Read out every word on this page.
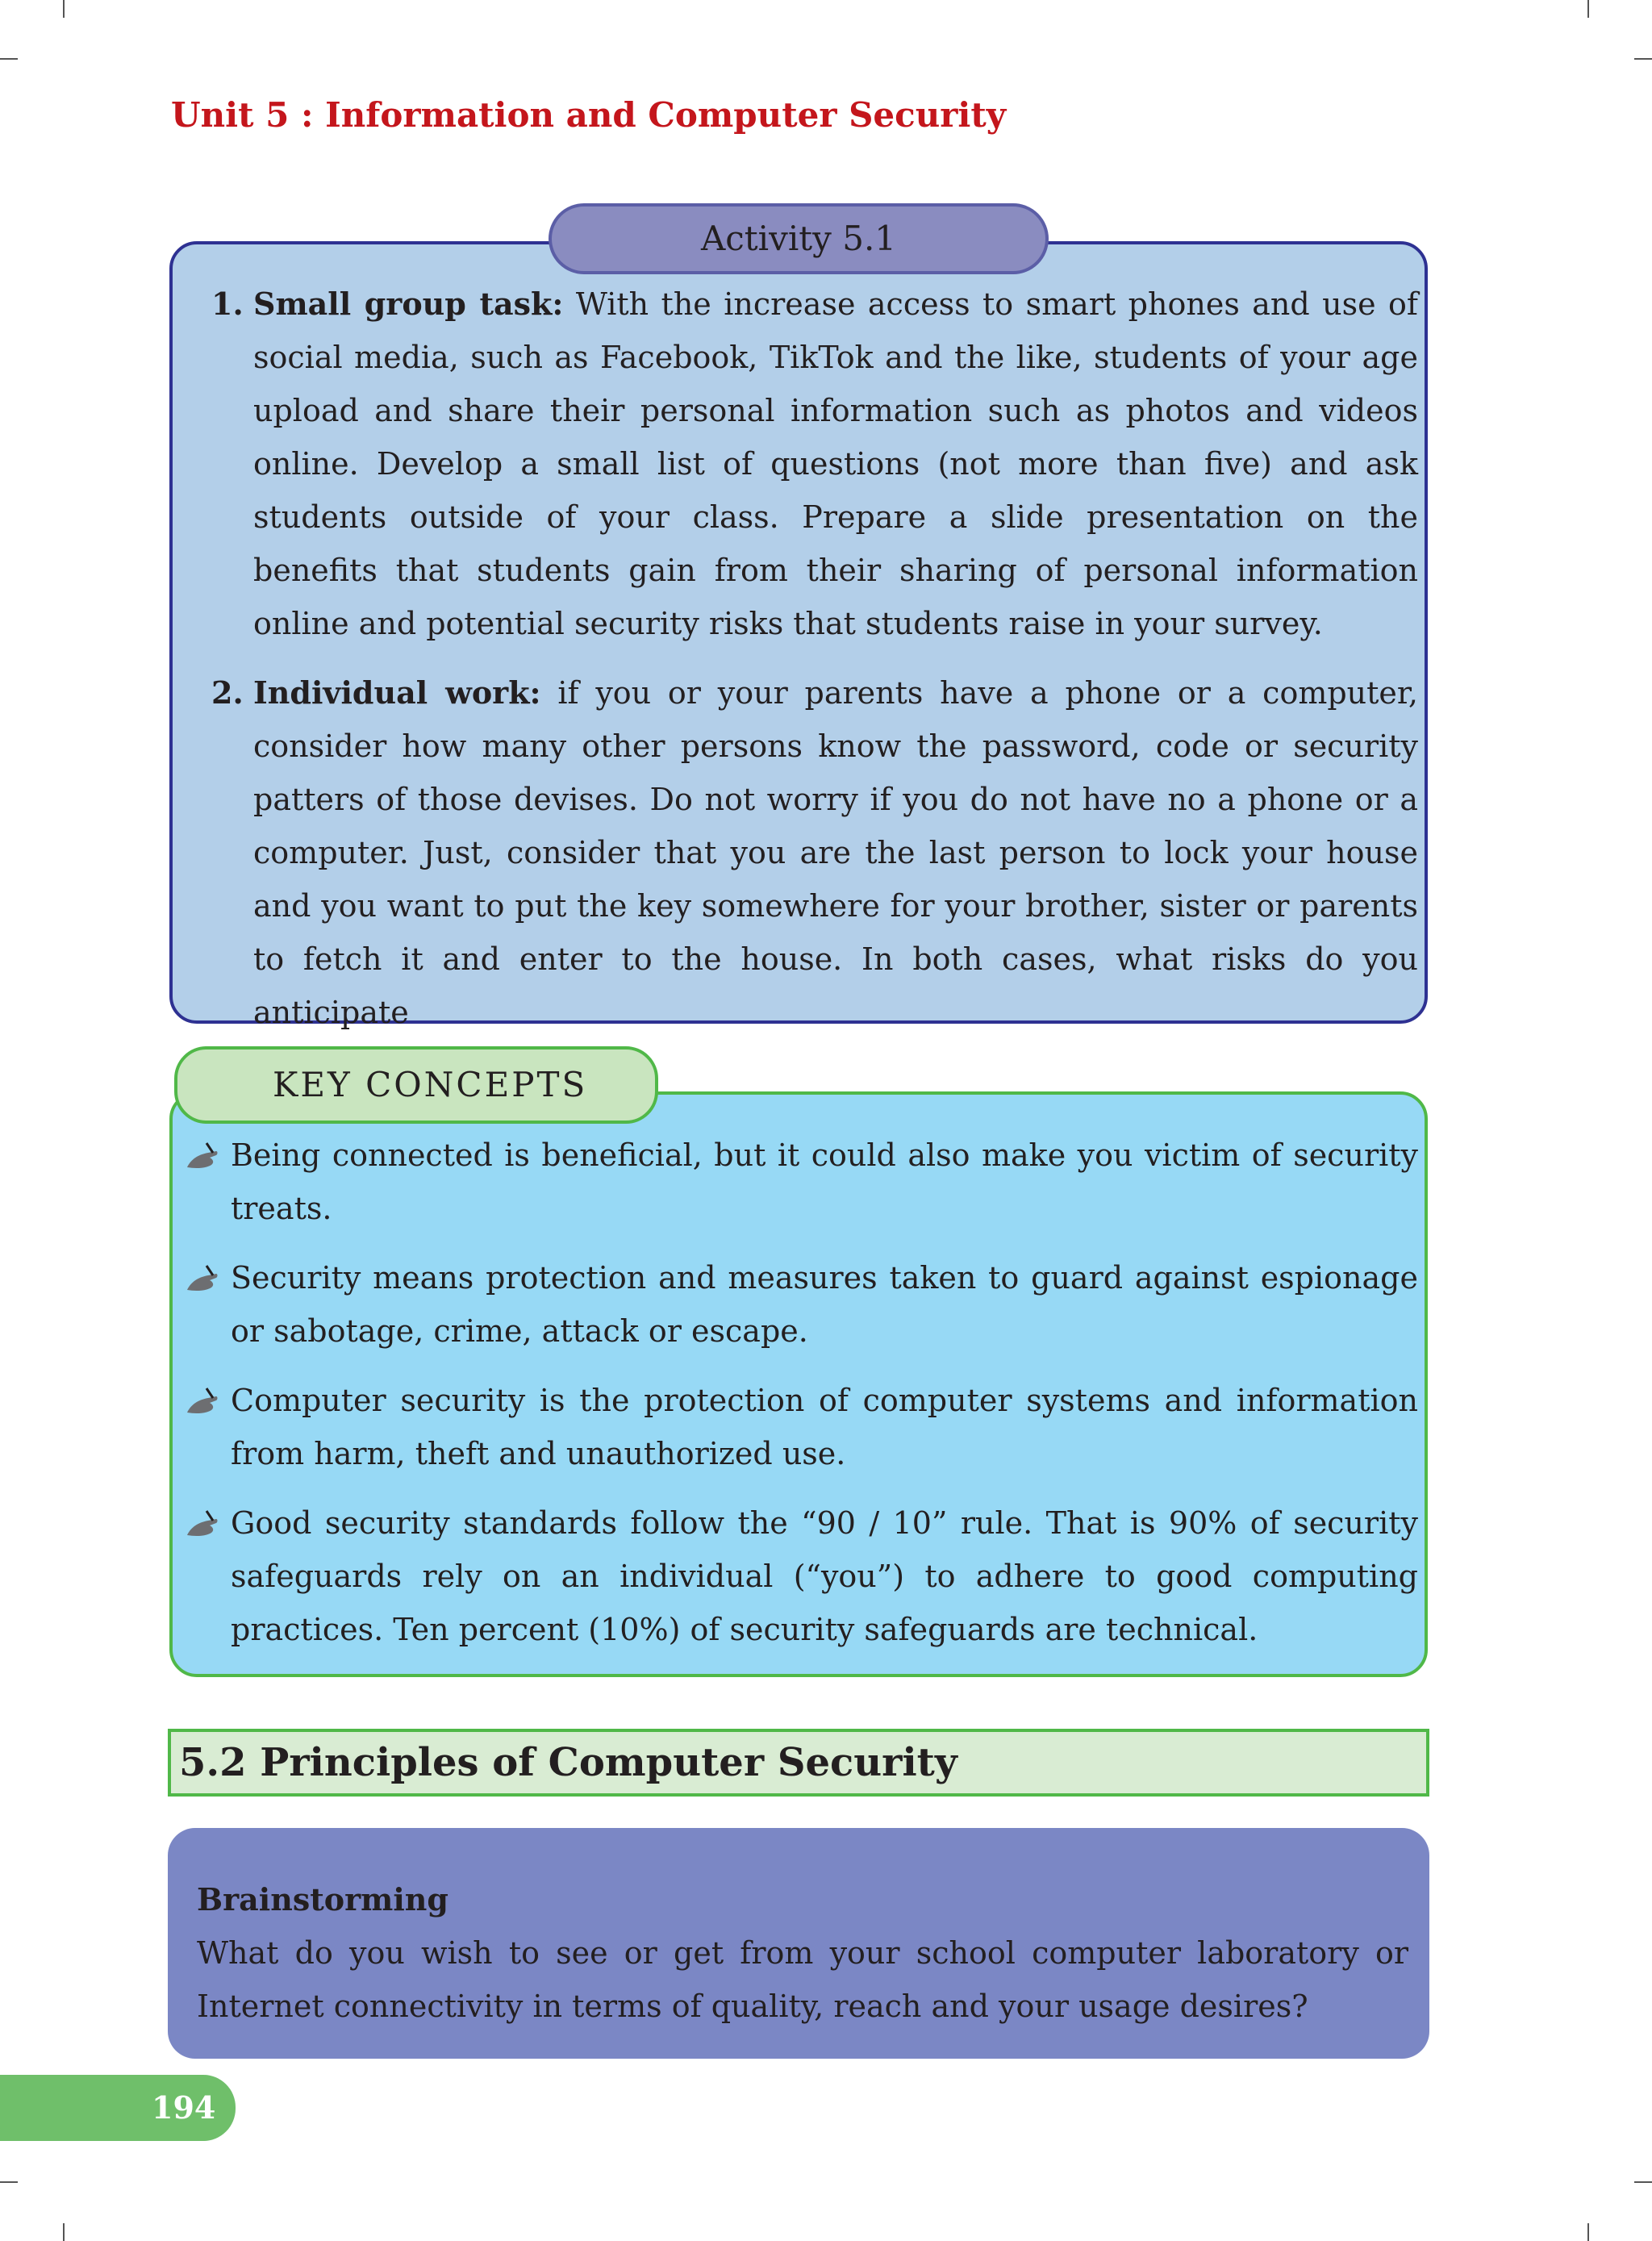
Unit 5 : Information and Computer Security
Activity 5.1
1. Small group task: With the increase access to smart phones and use of social media, such as Facebook, TikTok and the like, students of your age upload and share their personal information such as photos and videos online. Develop a small list of questions (not more than five) and ask students outside of your class. Prepare a slide presentation on the benefits that students gain from their sharing of personal information online and potential security risks that students raise in your survey.
2. Individual work: if you or your parents have a phone or a computer, consider how many other persons know the password, code or security patters of those devises. Do not worry if you do not have no a phone or a computer. Just, consider that you are the last person to lock your house and you want to put the key somewhere for your brother, sister or parents to fetch it and enter to the house. In both cases, what risks do you anticipate
KEY CONCEPTS
Being connected is beneficial, but it could also make you victim of security treats.
Security means protection and measures taken to guard against espionage or sabotage, crime, attack or escape.
Computer security is the protection of computer systems and information from harm, theft and unauthorized use.
Good security standards follow the “90 / 10” rule. That is 90% of security safeguards rely on an individual (“you”) to adhere to good computing practices. Ten percent (10%) of security safeguards are technical.
5.2 Principles of Computer Security
Brainstorming
What do you wish to see or get from your school computer laboratory or Internet connectivity in terms of quality, reach and your usage desires?
194
